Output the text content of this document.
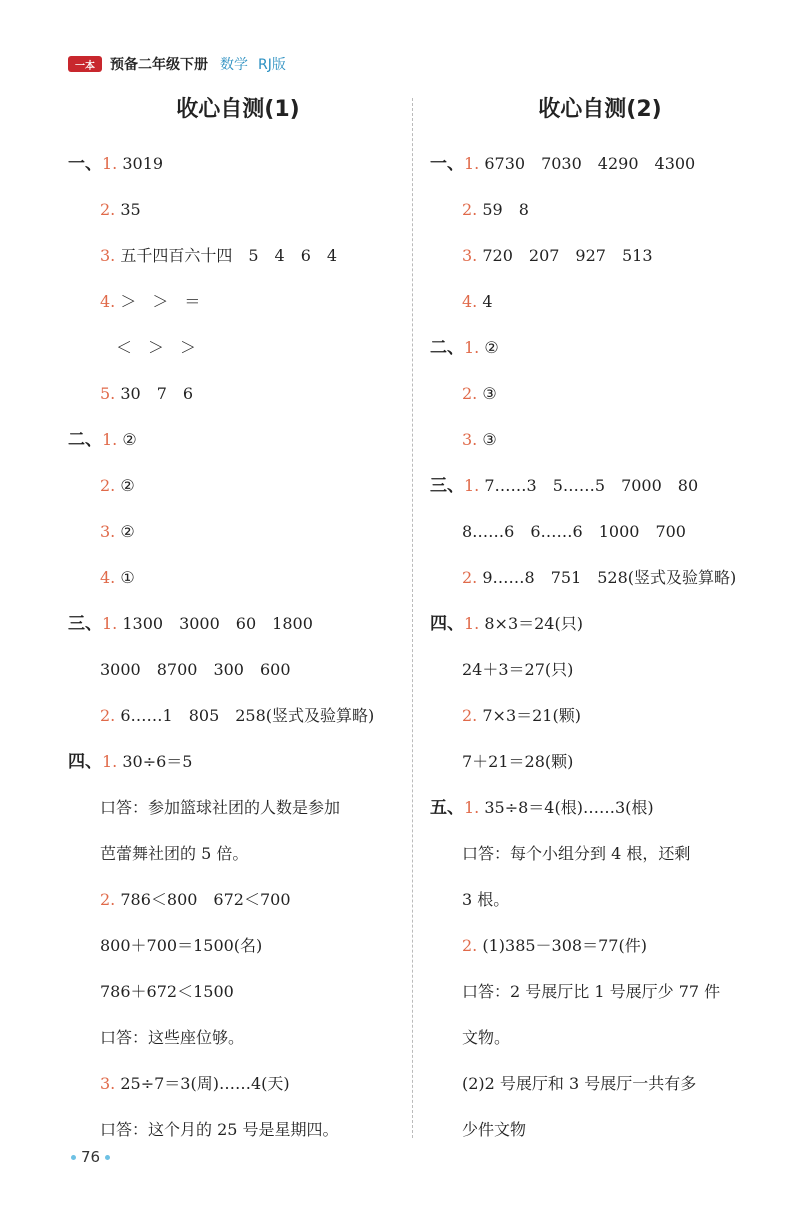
一本	预备二年级下册 数学 RJ版
收心自测(1)
一、1. 3019
2. 35
3. 五千四百六十四　5　4　6　4
4. ＞　＞　＝
　＜　＞　＞
5. 30　7　6
二、1. ②
2. ②
3. ②
4. ①
三、1. 1300　3000　60　1800
3000　8700　300　600
2. 6……1　805　258(竖式及验算略)
四、1. 30÷6＝5
口答：参加篮球社团的人数是参加
芭蕾舞社团的 5 倍。
2. 786＜800　672＜700
800＋700＝1500(名)
786＋672＜1500
口答：这些座位够。
3. 25÷7＝3(周)……4(天)
口答：这个月的 25 号是星期四。
收心自测(2)
一、1. 6730　7030　4290　4300
2. 59　8
3. 720　207　927　513
4. 4
二、1. ②
2. ③
3. ③
三、1. 7……3　5……5　7000　80
8……6　6……6　1000　700
2. 9……8　751　528(竖式及验算略)
四、1. 8×3＝24(只)
24＋3＝27(只)
2. 7×3＝21(颗)
7＋21＝28(颗)
五、1. 35÷8＝4(根)……3(根)
口答：每个小组分到 4 根，还剩
3 根。
2. (1)385－308＝77(件)
口答：2 号展厅比 1 号展厅少 77 件
文物。
(2)2 号展厅和 3 号展厅一共有多
少件文物
76
